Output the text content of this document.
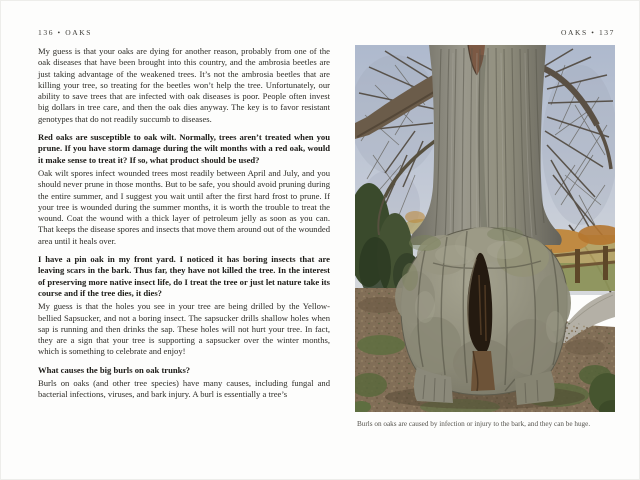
136 • OAKS	OAKS • 137

My guess is that your oaks are dying for another reason, probably from one of the oak diseases that have been brought into this country, and the ambrosia beetles are just taking advantage of the weakened trees. It’s not the ambrosia beetles that are killing your tree, so treating for the beetles won’t help the tree. Unfortunately, our ability to save trees that are infected with oak diseases is poor. People often invest big dollars in tree care, and then the oak dies anyway. The key is to favor resistant genotypes that do not readily succumb to diseases.

Red oaks are susceptible to oak wilt. Normally, trees aren’t treated when you prune. If you have storm damage during the wilt months with a red oak, would it make sense to treat it? If so, what product should be used?

Oak wilt spores infect wounded trees most readily between April and July, and you should never prune in those months. But to be safe, you should avoid pruning during the entire summer, and I suggest you wait until after the first hard frost to prune. If your tree is wounded during the summer months, it is worth the trouble to treat the wound. Coat the wound with a thick layer of petroleum jelly as soon as you can. That keeps the disease spores and insects that move them around out of the wounded area until it heals over.

I have a pin oak in my front yard. I noticed it has boring insects that are leaving scars in the bark. Thus far, they have not killed the tree. In the interest of preserving more native insect life, do I treat the tree or just let nature take its course and if the tree dies, it dies?

My guess is that the holes you see in your tree are being drilled by the Yellow-bellied Sapsucker, and not a boring insect. The sapsucker drills shallow holes when sap is running and then drinks the sap. These holes will not hurt your tree. In fact, they are a sign that your tree is supporting a sapsucker over the winter months, which is something to celebrate and enjoy!

What causes the big burls on oak trunks?

Burls on oaks (and other tree species) have many causes, including fungal and bacterial infections, viruses, and bark injury. A burl is essentially a tree’s

Burls on oaks are caused by infection or injury to the bark, and they can be huge.
